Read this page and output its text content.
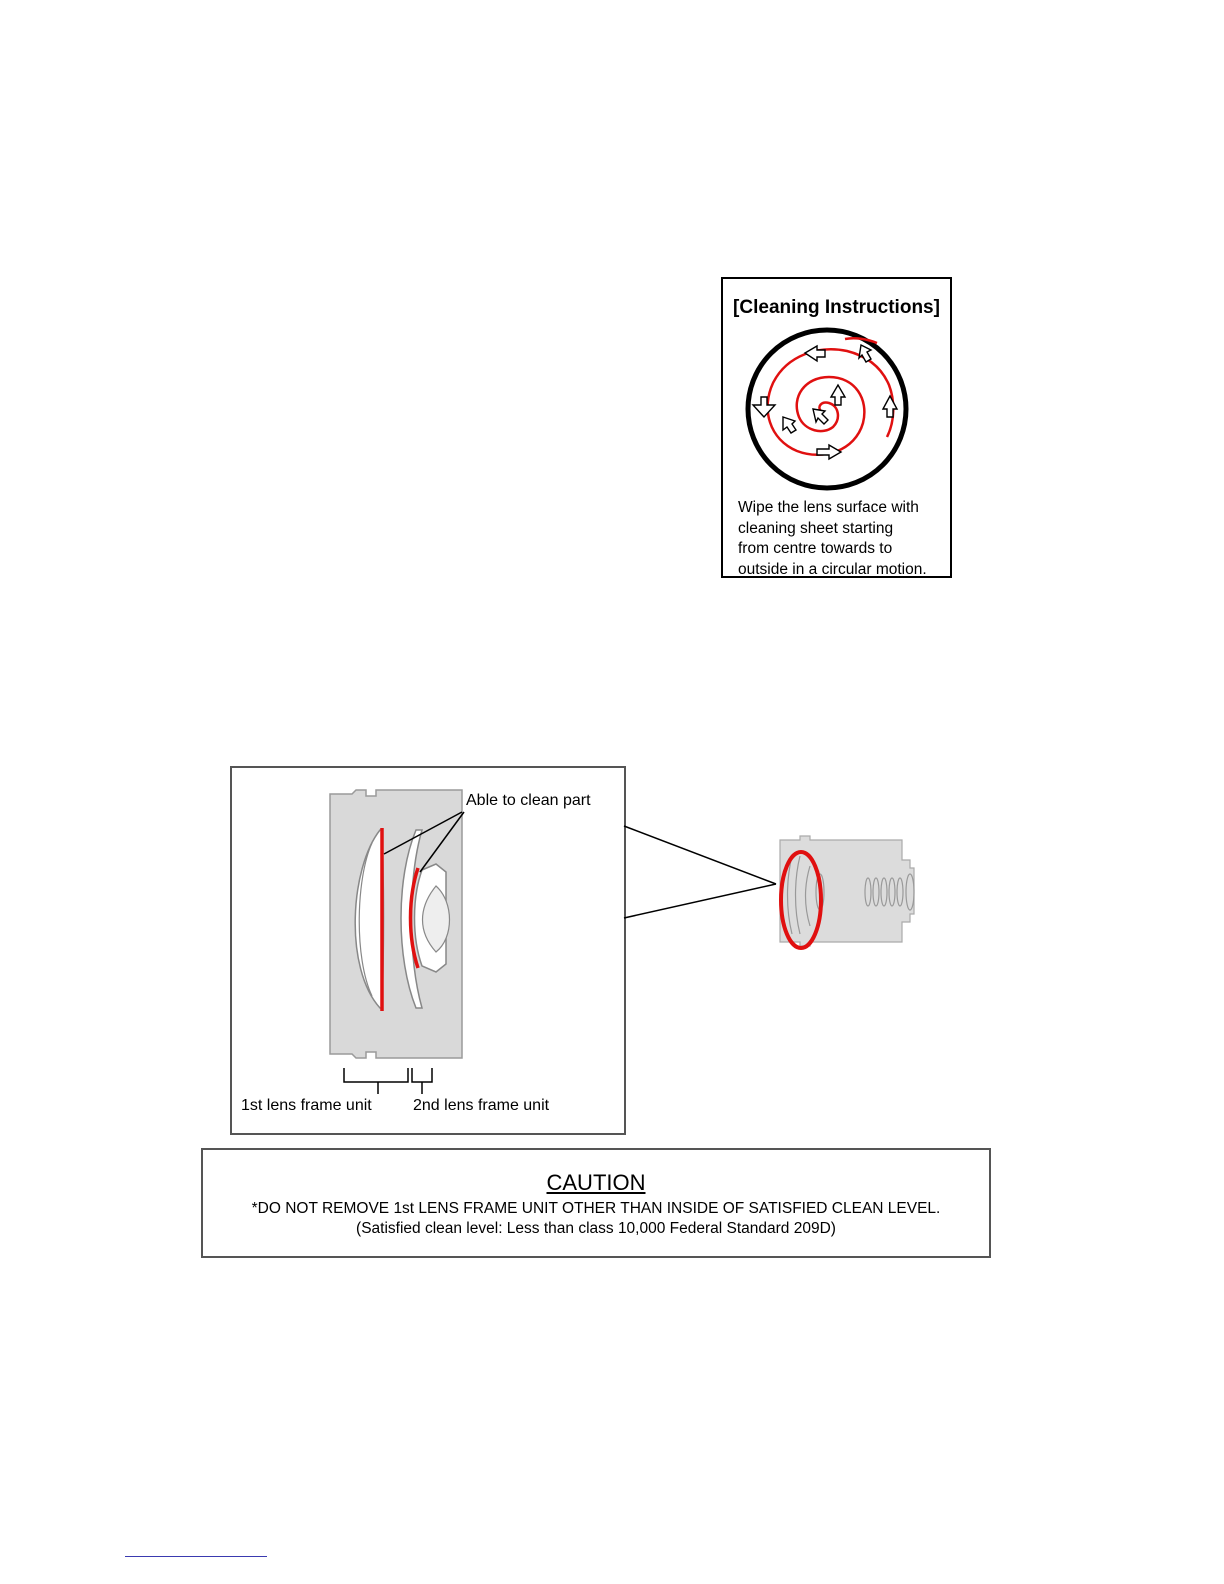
[Cleaning Instructions]

Wipe the lens surface with
cleaning sheet starting
from centre towards to
outside in a circular motion.

Able to clean part
1st lens frame unit	2nd lens frame unit
CAUTION
*DO NOT REMOVE 1st LENS FRAME UNIT OTHER THAN INSIDE OF SATISFIED CLEAN LEVEL.
(Satisfied clean level: Less than class 10,000 Federal Standard 209D)
